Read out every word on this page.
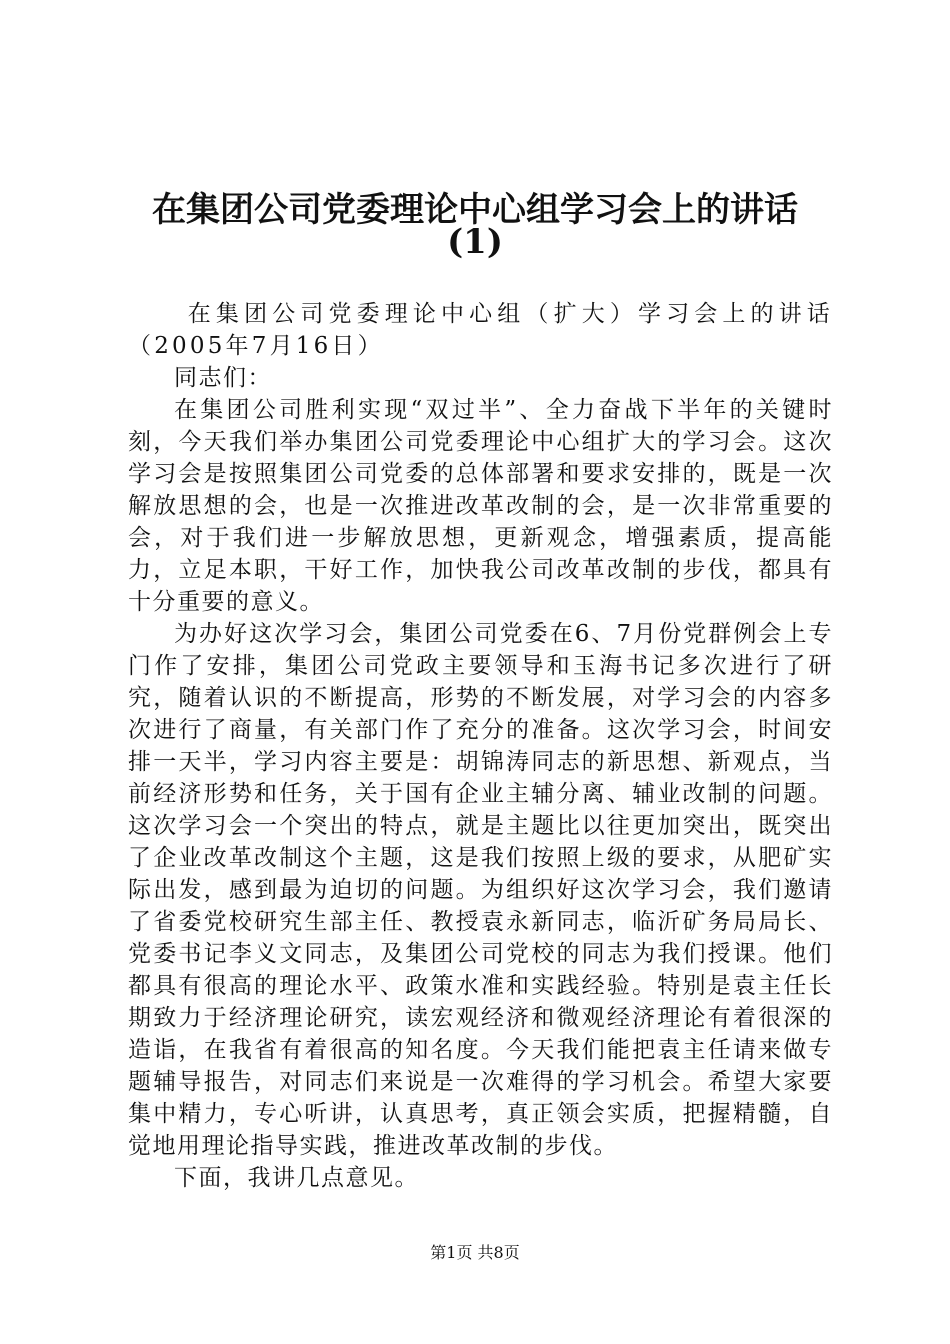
在集团公司党委理论中心组学习会上的讲话
(1)

在集团公司党委理论中心组（扩大）学习会上的讲话（2005年7月16日）

同志们：

在集团公司胜利实现“双过半”、全力奋战下半年的关键时刻，今天我们举办集团公司党委理论中心组扩大的学习会。这次学习会是按照集团公司党委的总体部署和要求安排的，既是一次解放思想的会，也是一次推进改革改制的会，是一次非常重要的会，对于我们进一步解放思想，更新观念，增强素质，提高能力，立足本职，干好工作，加快我公司改革改制的步伐，都具有十分重要的意义。

为办好这次学习会，集团公司党委在6、7月份党群例会上专门作了安排，集团公司党政主要领导和玉海书记多次进行了研究，随着认识的不断提高，形势的不断发展，对学习会的内容多次进行了商量，有关部门作了充分的准备。这次学习会，时间安排一天半，学习内容主要是：胡锦涛同志的新思想、新观点，当前经济形势和任务，关于国有企业主辅分离、辅业改制的问题。这次学习会一个突出的特点，就是主题比以往更加突出，既突出了企业改革改制这个主题，这是我们按照上级的要求，从肥矿实际出发，感到最为迫切的问题。为组织好这次学习会，我们邀请了省委党校研究生部主任、教授袁永新同志，临沂矿务局局长、党委书记李义文同志，及集团公司党校的同志为我们授课。他们都具有很高的理论水平、政策水准和实践经验。特别是袁主任长期致力于经济理论研究，读宏观经济和微观经济理论有着很深的造诣，在我省有着很高的知名度。今天我们能把袁主任请来做专题辅导报告，对同志们来说是一次难得的学习机会。希望大家要集中精力，专心听讲，认真思考，真正领会实质，把握精髓，自觉地用理论指导实践，推进改革改制的步伐。

下面，我讲几点意见。

第1页 共8页
